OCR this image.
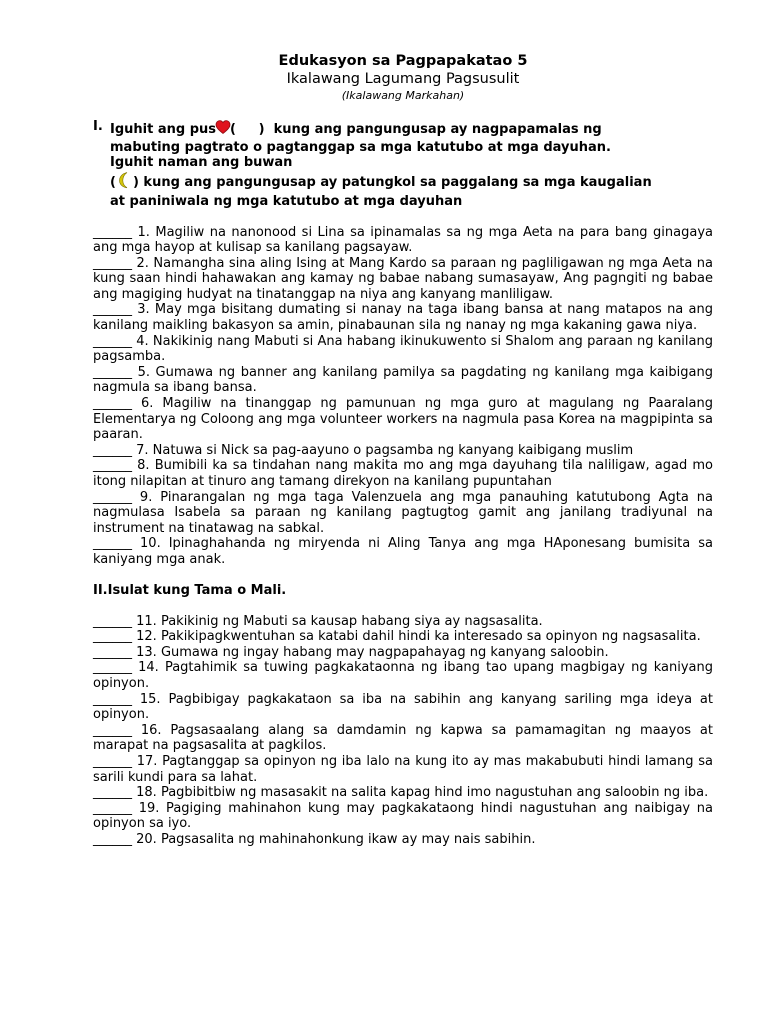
Edukasyon sa Pagpapakatao 5
Ikalawang Lagumang Pagsusulit
(Ikalawang Markahan)
I. Iguhit ang pus (     )  kung ang pangungusap ay nagpapamalas ng
mabuting pagtrato o pagtanggap sa mga katutubo at mga dayuhan.
Iguhit naman ang buwan
( ) kung ang pangungusap ay patungkol sa paggalang sa mga kaugalian
at paniniwala ng mga katutubo at mga dayuhan

______ 1. Magiliw na nanonood si Lina sa ipinamalas sa ng mga Aeta na para bang ginagaya ang mga hayop at kulisap sa kanilang pagsayaw.

______ 2. Namangha sina aling Ising at Mang Kardo sa paraan ng pagliligawan ng mga Aeta na kung saan hindi hahawakan ang kamay ng babae nabang sumasayaw, Ang pagngiti ng babae ang magiging hudyat na tinatanggap na niya ang kanyang manliligaw.

______ 3. May mga bisitang dumating si nanay na taga ibang bansa at nang matapos na ang kanilang maikling bakasyon sa amin, pinabaunan sila ng nanay ng mga kakaning gawa niya.

______ 4. Nakikinig nang Mabuti si Ana habang ikinukuwento si Shalom ang paraan ng kanilang pagsamba.

______ 5. Gumawa ng banner ang kanilang pamilya sa pagdating ng kanilang mga kaibigang nagmula sa ibang bansa.

______ 6. Magiliw na tinanggap ng pamunuan ng mga guro at magulang ng Paaralang Elementarya ng Coloong ang mga volunteer workers na nagmula pasa Korea na magpipinta sa paaran.

______ 7. Natuwa si Nick sa pag-aayuno o pagsamba ng kanyang kaibigang muslim

______ 8. Bumibili ka sa tindahan nang makita mo ang mga dayuhang tila naliligaw, agad mo itong nilapitan at tinuro ang tamang direkyon na kanilang pupuntahan

______ 9. Pinarangalan ng mga taga Valenzuela ang mga panauhing katutubong Agta na nagmulasa Isabela sa paraan ng kanilang pagtugtog gamit ang janilang tradiyunal na instrument na tinatawag na sabkal.

______ 10. Ipinaghahanda ng miryenda ni Aling Tanya ang mga HAponesang bumisita sa kaniyang mga anak.

II.Isulat kung Tama o Mali.

______ 11. Pakikinig ng Mabuti sa kausap habang siya ay nagsasalita.

______ 12. Pakikipagkwentuhan sa katabi dahil hindi ka interesado sa opinyon ng nagsasalita.

______ 13. Gumawa ng ingay habang may nagpapahayag ng kanyang saloobin.

______ 14. Pagtahimik sa tuwing pagkakataonna ng ibang tao upang magbigay ng kaniyang opinyon.

______ 15. Pagbibigay pagkakataon sa iba na sabihin ang kanyang sariling mga ideya at opinyon.

______ 16. Pagsasaalang alang sa damdamin ng kapwa sa pamamagitan ng maayos at marapat na pagsasalita at pagkilos.

______ 17. Pagtanggap sa opinyon ng iba lalo na kung ito ay mas makabubuti hindi lamang sa sarili kundi para sa lahat.

______ 18. Pagbibitbiw ng masasakit na salita kapag hind imo nagustuhan ang saloobin ng iba.

______ 19. Pagiging mahinahon kung may pagkakataong hindi nagustuhan ang naibigay na opinyon sa iyo.

______ 20. Pagsasalita ng mahinahonkung ikaw ay may nais sabihin.
